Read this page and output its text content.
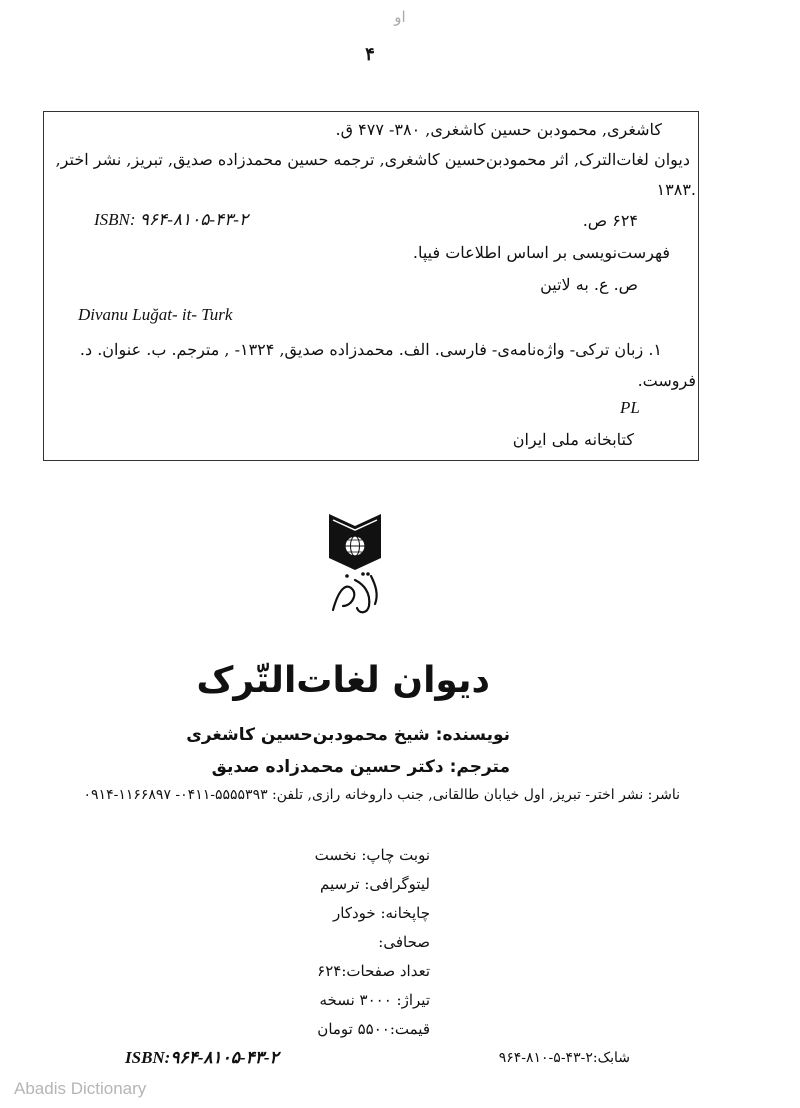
او
۴
کاشغری, محمودبن حسین کاشغری, ۳۸۰- ۴۷۷ ق.
دیوان لغات‌الترک, اثر محمودبن‌حسین کاشغری, ترجمه حسین محمدزاده صدیق, تبریز, نشر اختر,
۱۳۸۳.
۶۲۴ ص.
ISBN: ۹۶۴-۸۱۰۵-۴۳-۲
فهرست‌نویسی بر اساس اطلاعات فیپا.
ص. ع. به لاتین
Divanu Luğat- it- Turk
۱. زبان ترکی- واژه‌نامه‌ی- فارسی. الف. محمدزاده صدیق, ۱۳۲۴- , مترجم. ب. عنوان. د.
فروست.
PL
کتابخانه ملی ایران
دیوان لغات‌التّرک
نویسنده: شیخ محمودبن‌حسین کاشغری
مترجم: دکتر حسین محمدزاده صدیق
ناشر: نشر اختر- تبریز, اول خیابان طالقانی, جنب داروخانه رازی, تلفن: ۵۵۵۵۳۹۳-۰۴۱۱- ۱۱۶۶۸۹۷-۰۹۱۴
نوبت چاپ: نخست
لیتوگرافی: ترسیم
چاپخانه: خودکار
صحافی:
تعداد صفحات:۶۲۴
تیراژ: ۳۰۰۰ نسخه
قیمت:۵۵۰۰ تومان
ISBN:۹۶۴-۸۱۰۵-۴۳-۲	شابک:۲-۴۳-۵-۸۱۰-۹۶۴
Abadis Dictionary
